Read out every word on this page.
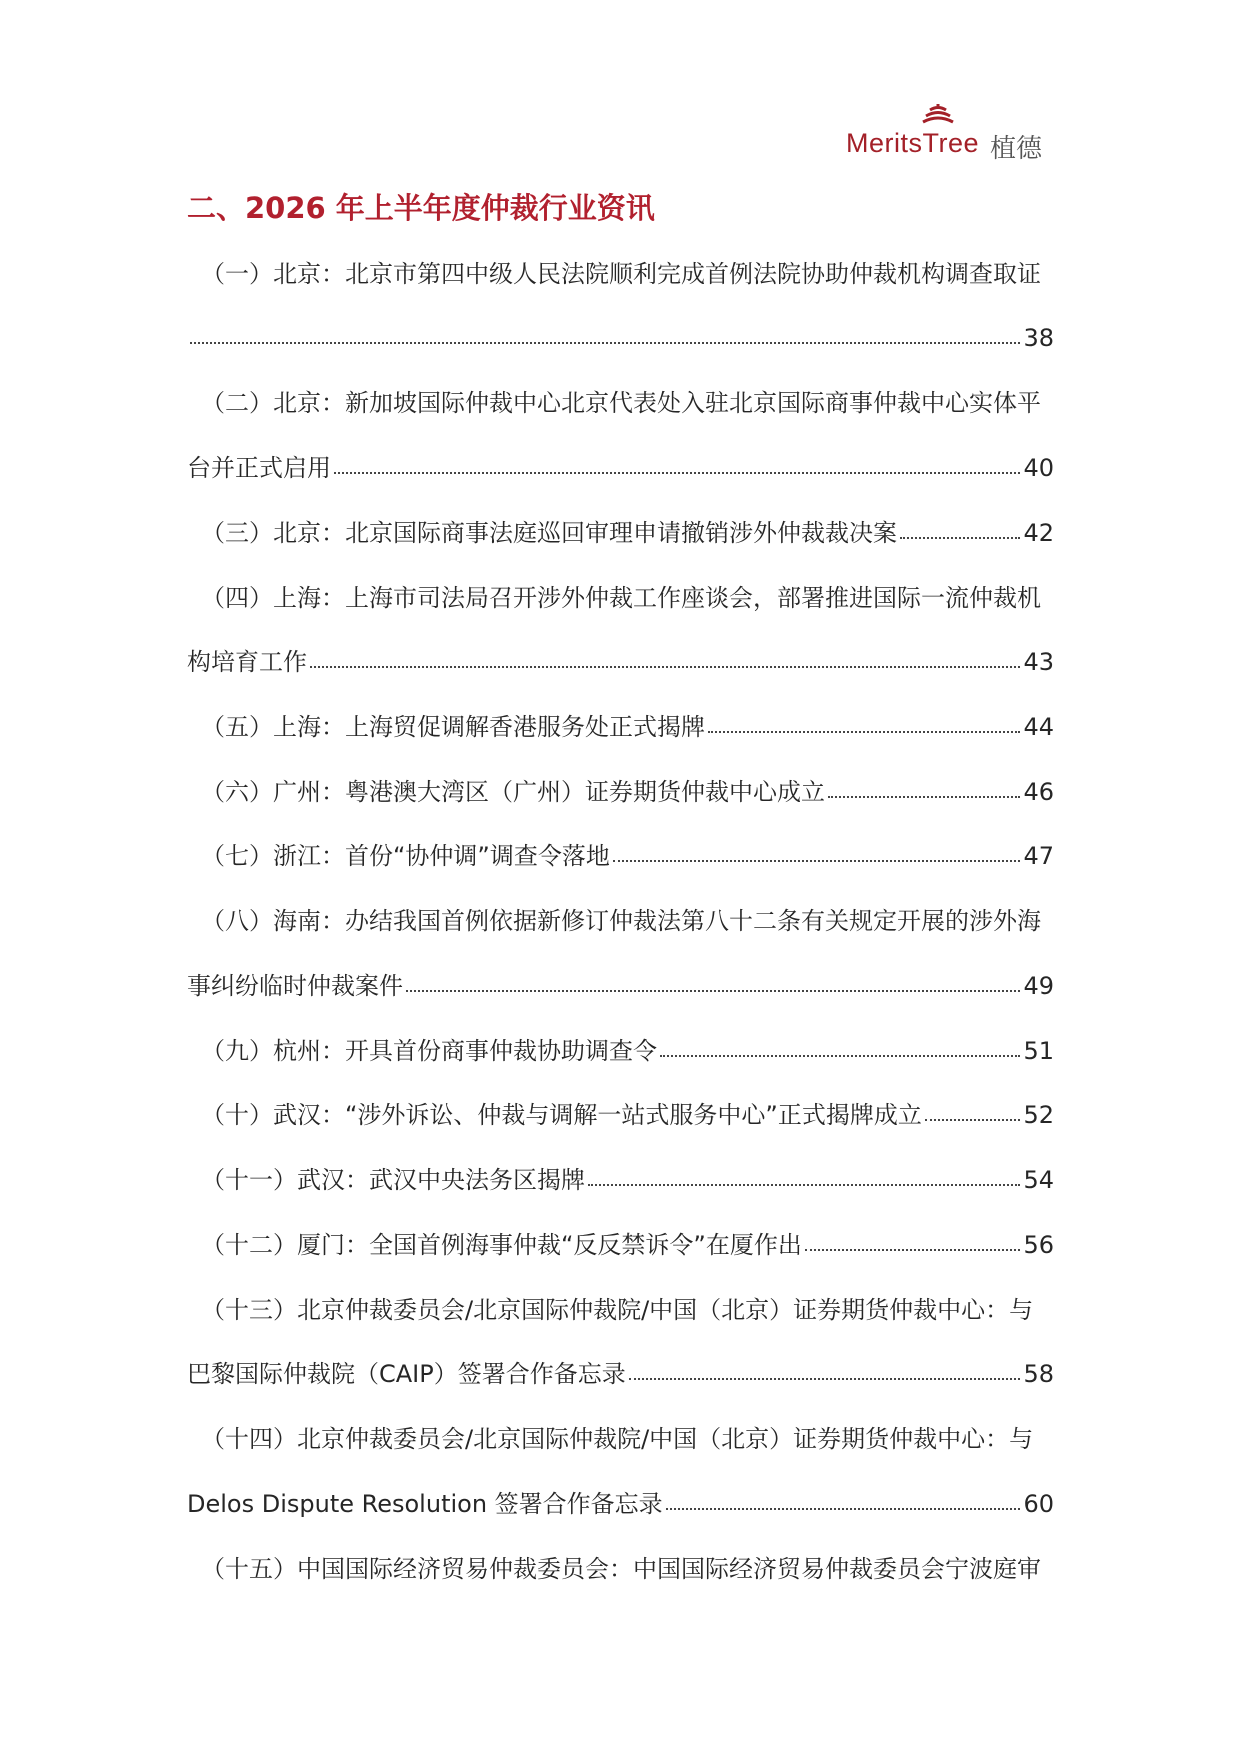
MeritsTree 植德
二、2026 年上半年度仲裁行业资讯
（一）北京：北京市第四中级人民法院顺利完成首例法院协助仲裁机构调查取证
38
（二）北京：新加坡国际仲裁中心北京代表处入驻北京国际商事仲裁中心实体平
台并正式启用	40
（三）北京：北京国际商事法庭巡回审理申请撤销涉外仲裁裁决案	42
（四）上海：上海市司法局召开涉外仲裁工作座谈会，部署推进国际一流仲裁机
构培育工作	43
（五）上海：上海贸促调解香港服务处正式揭牌	44
（六）广州：粤港澳大湾区（广州）证券期货仲裁中心成立	46
（七）浙江：首份“协仲调”调查令落地	47
（八）海南：办结我国首例依据新修订仲裁法第八十二条有关规定开展的涉外海
事纠纷临时仲裁案件	49
（九）杭州：开具首份商事仲裁协助调查令	51
（十）武汉：“涉外诉讼、仲裁与调解一站式服务中心”正式揭牌成立	52
（十一）武汉：武汉中央法务区揭牌	54
（十二）厦门：全国首例海事仲裁“反反禁诉令”在厦作出	56
（十三）北京仲裁委员会/北京国际仲裁院/中国（北京）证券期货仲裁中心：与
巴黎国际仲裁院（CAIP）签署合作备忘录	58
（十四）北京仲裁委员会/北京国际仲裁院/中国（北京）证券期货仲裁中心：与
Delos Dispute Resolution 签署合作备忘录	60
（十五）中国国际经济贸易仲裁委员会：中国国际经济贸易仲裁委员会宁波庭审
